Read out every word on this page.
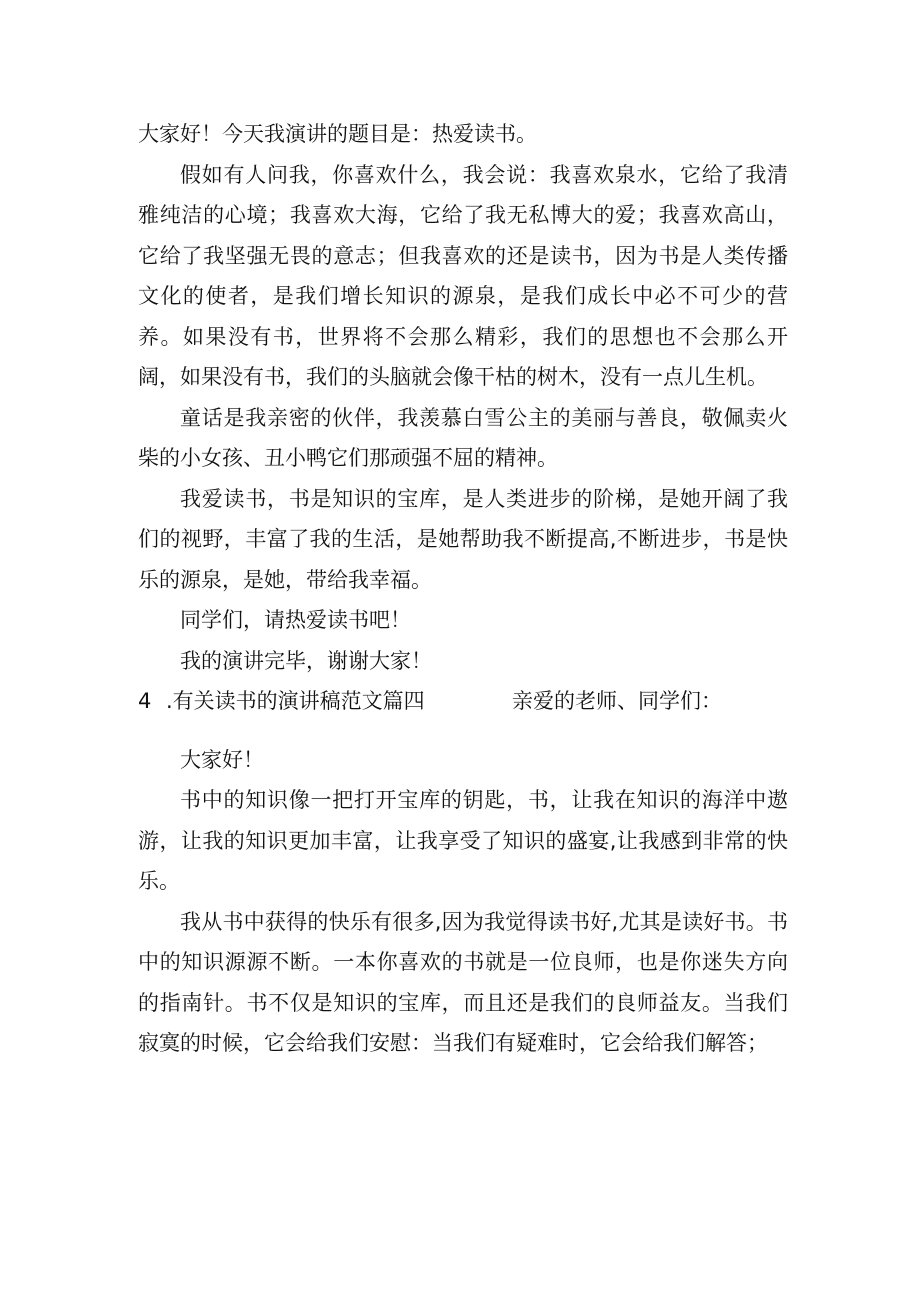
大家好！今天我演讲的题目是：热爱读书。

假如有人问我，你喜欢什么，我会说：我喜欢泉水，它给了我清雅纯洁的心境；我喜欢大海，它给了我无私博大的爱；我喜欢高山，它给了我坚强无畏的意志；但我喜欢的还是读书，因为书是人类传播文化的使者，是我们增长知识的源泉，是我们成长中必不可少的营养。如果没有书，世界将不会那么精彩，我们的思想也不会那么开阔，如果没有书，我们的头脑就会像干枯的树木，没有一点儿生机。

童话是我亲密的伙伴，我羡慕白雪公主的美丽与善良，敬佩卖火柴的小女孩、丑小鸭它们那顽强不屈的精神。

我爱读书，书是知识的宝库，是人类进步的阶梯，是她开阔了我们的视野，丰富了我的生活，是她帮助我不断提高,不断进步，书是快乐的源泉，是她，带给我幸福。

同学们，请热爱读书吧！

我的演讲完毕，谢谢大家！

4 .有关读书的演讲稿范文篇四	亲爱的老师、同学们：

大家好！

书中的知识像一把打开宝库的钥匙，书，让我在知识的海洋中遨游，让我的知识更加丰富，让我享受了知识的盛宴,让我感到非常的快乐。

我从书中获得的快乐有很多,因为我觉得读书好,尤其是读好书。书中的知识源源不断。一本你喜欢的书就是一位良师，也是你迷失方向的指南针。书不仅是知识的宝库，而且还是我们的良师益友。当我们寂寞的时候，它会给我们安慰：当我们有疑难时，它会给我们解答；
